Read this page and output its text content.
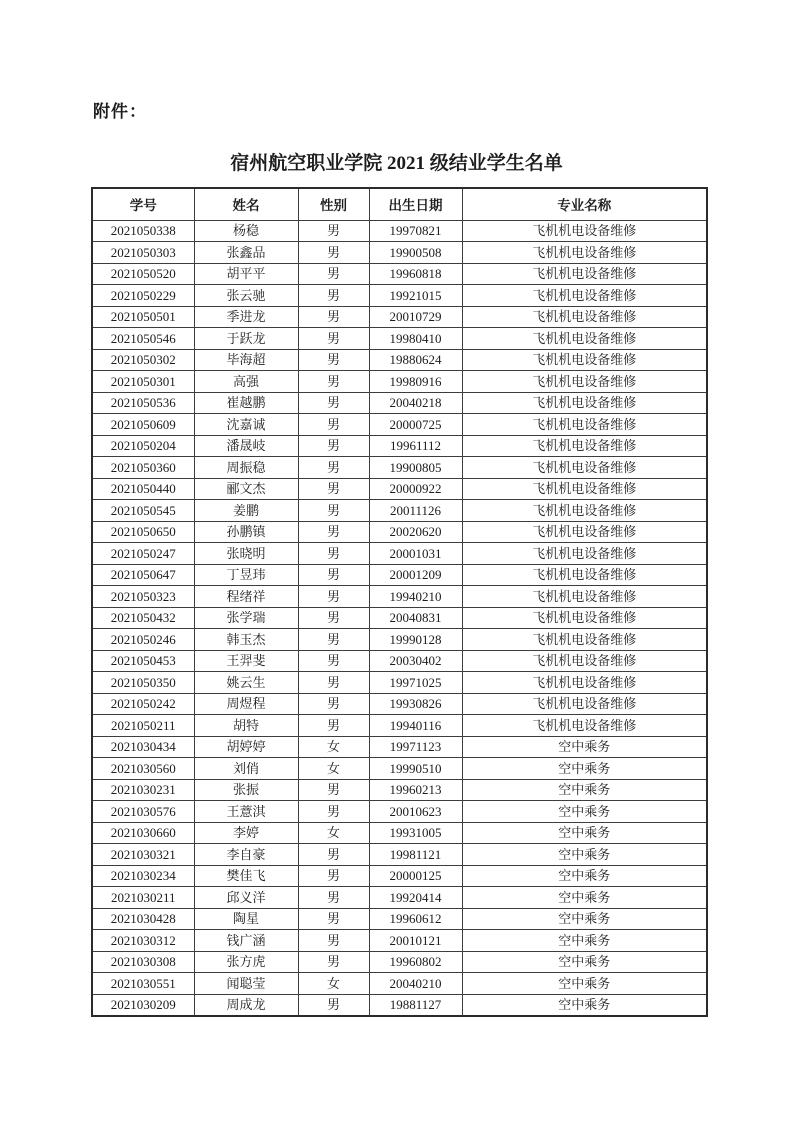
附件：
宿州航空职业学院 2021 级结业学生名单
学号	姓名	性别	出生日期	专业名称
2021050338	杨稳	男	19970821	飞机机电设备维修
2021050303	张鑫品	男	19900508	飞机机电设备维修
2021050520	胡平平	男	19960818	飞机机电设备维修
2021050229	张云驰	男	19921015	飞机机电设备维修
2021050501	季进龙	男	20010729	飞机机电设备维修
2021050546	于跃龙	男	19980410	飞机机电设备维修
2021050302	毕海超	男	19880624	飞机机电设备维修
2021050301	高强	男	19980916	飞机机电设备维修
2021050536	崔越鹏	男	20040218	飞机机电设备维修
2021050609	沈嘉诚	男	20000725	飞机机电设备维修
2021050204	潘晟岐	男	19961112	飞机机电设备维修
2021050360	周振稳	男	19900805	飞机机电设备维修
2021050440	郦文杰	男	20000922	飞机机电设备维修
2021050545	姜鹏	男	20011126	飞机机电设备维修
2021050650	孙鹏镇	男	20020620	飞机机电设备维修
2021050247	张晓明	男	20001031	飞机机电设备维修
2021050647	丁昱玮	男	20001209	飞机机电设备维修
2021050323	程绪祥	男	19940210	飞机机电设备维修
2021050432	张学瑞	男	20040831	飞机机电设备维修
2021050246	韩玉杰	男	19990128	飞机机电设备维修
2021050453	王羿斐	男	20030402	飞机机电设备维修
2021050350	姚云生	男	19971025	飞机机电设备维修
2021050242	周煜程	男	19930826	飞机机电设备维修
2021050211	胡特	男	19940116	飞机机电设备维修
2021030434	胡婷婷	女	19971123	空中乘务
2021030560	刘俏	女	19990510	空中乘务
2021030231	张振	男	19960213	空中乘务
2021030576	王薏淇	男	20010623	空中乘务
2021030660	李婷	女	19931005	空中乘务
2021030321	李自豪	男	19981121	空中乘务
2021030234	樊佳飞	男	20000125	空中乘务
2021030211	邱义洋	男	19920414	空中乘务
2021030428	陶星	男	19960612	空中乘务
2021030312	钱广涵	男	20010121	空中乘务
2021030308	张方虎	男	19960802	空中乘务
2021030551	闻聪莹	女	20040210	空中乘务
2021030209	周成龙	男	19881127	空中乘务
